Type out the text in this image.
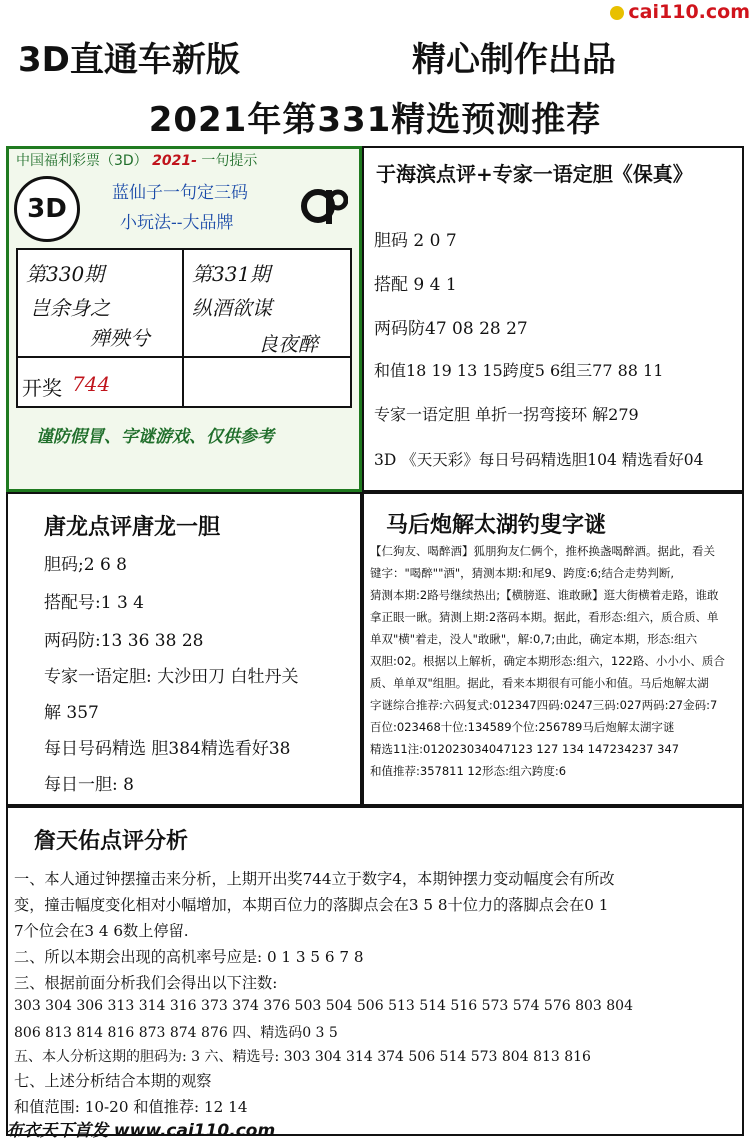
cai110.com
3D直通车新版	精心制作出品
2021年第331精选预测推荐
中国福利彩票（3D） 2021- 一句提示
3D
蓝仙子一句定三码
小玩法--大品牌
第330期
岂余身之
殚殃兮
第331期
纵酒欲谋
良夜醉
开奖 744
谨防假冒、字谜游戏、仅供参考
于海滨点评+专家一语定胆《保真》
胆码 2 0 7
搭配 9 4 1
两码防47 08 28 27
和值18 19 13 15跨度5 6组三77 88 11
专家一语定胆 单折一拐弯接环 解279
3D 《天天彩》每日号码精选胆104 精选看好04
唐龙点评唐龙一胆
胆码;2 6 8
搭配号:1 3 4
两码防:13 36 38 28
专家一语定胆: 大沙田刀 白牡丹关
解 357
每日号码精选 胆384精选看好38
每日一胆: 8
马后炮解太湖钓叟字谜
【仁狗友、喝醉酒】狐朋狗友仁俩个，推杯换盏喝醉酒。据此，看关
键字："喝醉""酒"，猜测本期:和尾9、跨度:6;结合走势判断,
猜测本期:2路号继续热出;【横膀逛、谁敢瞅】逛大街横着走路，谁敢
拿正眼一瞅。猜测上期:2落码本期。据此，看形态:组六，质合质、单
单双"横"着走，没人"敢瞅"，解:0,7;由此，确定本期，形态:组六
双胆:02。根据以上解析，确定本期形态:组六，122路、小小小、质合
质、单单双"组胆。据此，看来本期很有可能小和值。马后炮解太湖
字谜综合推荐:六码复式:012347四码:0247三码:027两码:27金码:7
百位:023468十位:134589个位:256789马后炮解太湖字谜
精选11注:012023034047123 127 134 147234237 347
和值推荐:357811 12形态:组六跨度:6
詹天佑点评分析
一、本人通过钟摆撞击来分析，上期开出奖744立于数字4，本期钟摆力变动幅度会有所改
变，撞击幅度变化相对小幅增加，本期百位力的落脚点会在3 5 8十位力的落脚点会在0 1
7个位会在3 4 6数上停留.
二、所以本期会出现的高机率号应是: 0 1 3 5 6 7 8
三、根据前面分析我们会得出以下注数:
303 304 306 313 314 316 373 374 376 503 504 506 513 514 516 573 574 576 803 804
806 813 814 816 873 874 876 四、精选码0 3 5
五、本人分析这期的胆码为: 3 六、精选号: 303 304 314 374 506 514 573 804 813 816
七、上述分析结合本期的观察
和值范围: 10-20 和值推荐: 12 14
布衣天下首发 www.cai110.com
